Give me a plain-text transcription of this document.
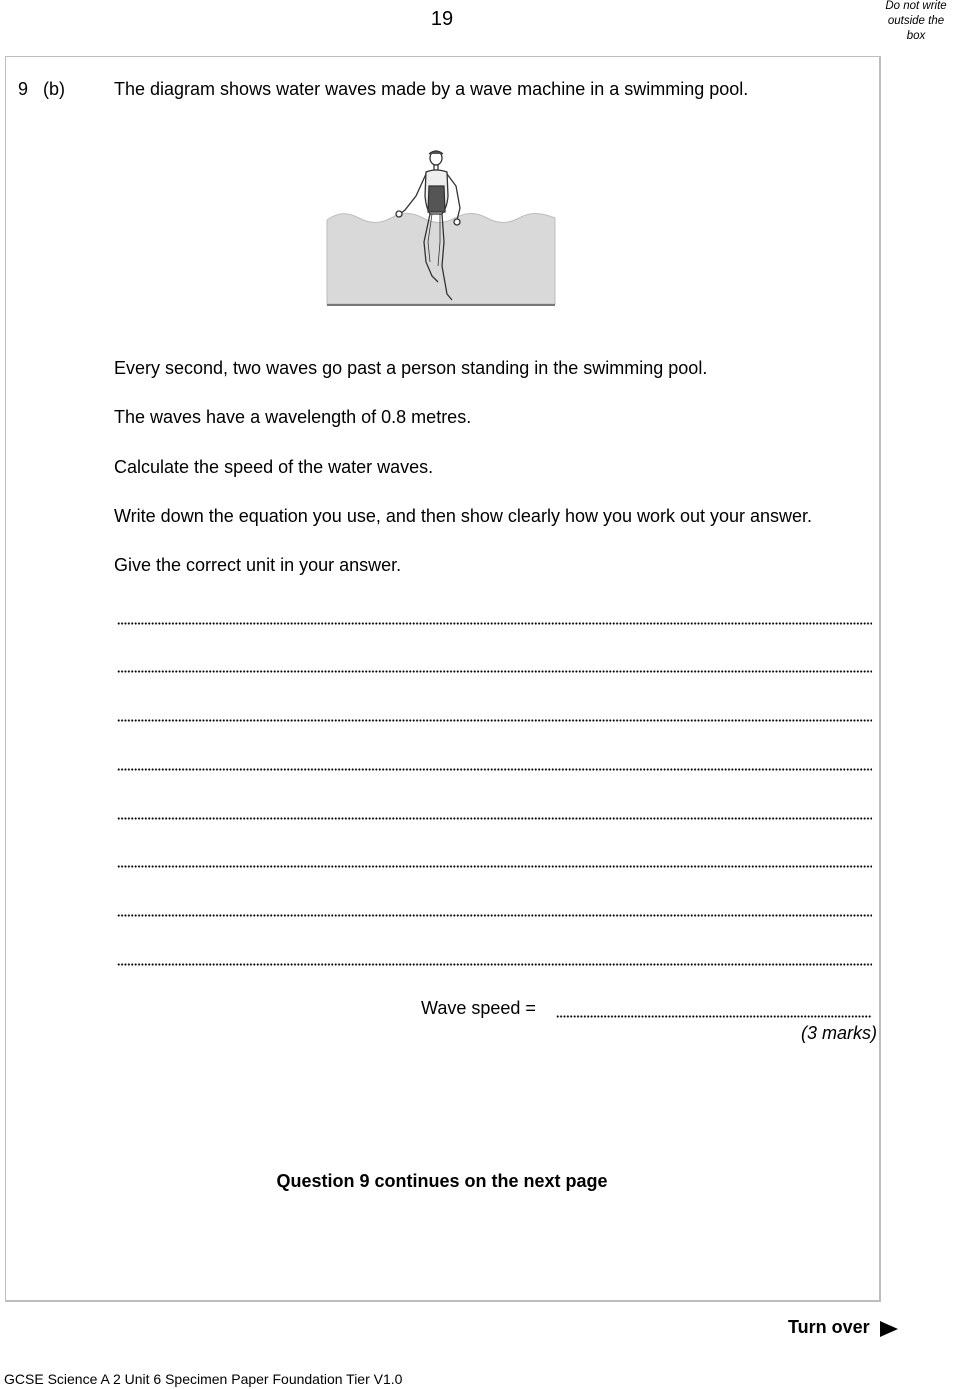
19
Do not write
outside the
box
9 (b)	The diagram shows water waves made by a wave machine in a swimming pool.
Every second, two waves go past a person standing in the swimming pool.
The waves have a wavelength of 0.8 metres.
Calculate the speed of the water waves.
Write down the equation you use, and then show clearly how you work out your answer.
Give the correct unit in your answer.
Wave speed =
(3 marks)
Question 9 continues on the next page
Turn over
GCSE Science A 2 Unit 6 Specimen Paper Foundation Tier V1.0
